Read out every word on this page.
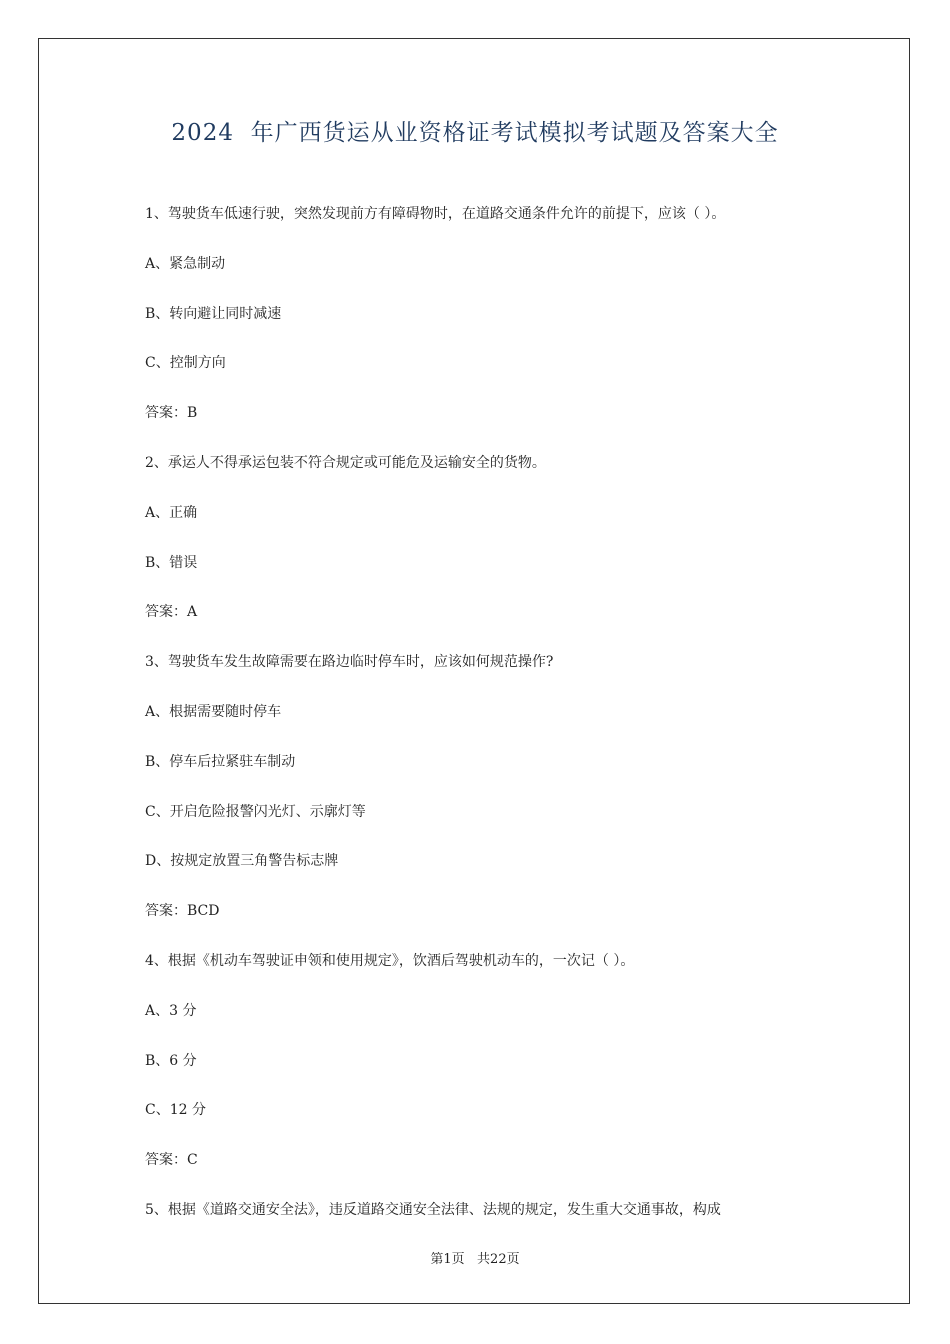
2024  年广西货运从业资格证考试模拟考试题及答案大全
1、驾驶货车低速行驶，突然发现前方有障碍物时，在道路交通条件允许的前提下，应该（ ）。
A、紧急制动
B、转向避让同时减速
C、控制方向
答案：B
2、承运人不得承运包装不符合规定或可能危及运输安全的货物。
A、正确
B、错误
答案：A
3、驾驶货车发生故障需要在路边临时停车时，应该如何规范操作?
A、根据需要随时停车
B、停车后拉紧驻车制动
C、开启危险报警闪光灯、示廓灯等
D、按规定放置三角警告标志牌
答案：BCD
4、根据《机动车驾驶证申领和使用规定》，饮酒后驾驶机动车的，一次记（ ）。
A、3 分
B、6 分
C、12 分
答案：C
5、根据《道路交通安全法》，违反道路交通安全法律、法规的规定，发生重大交通事故，构成
第1页   共22页
